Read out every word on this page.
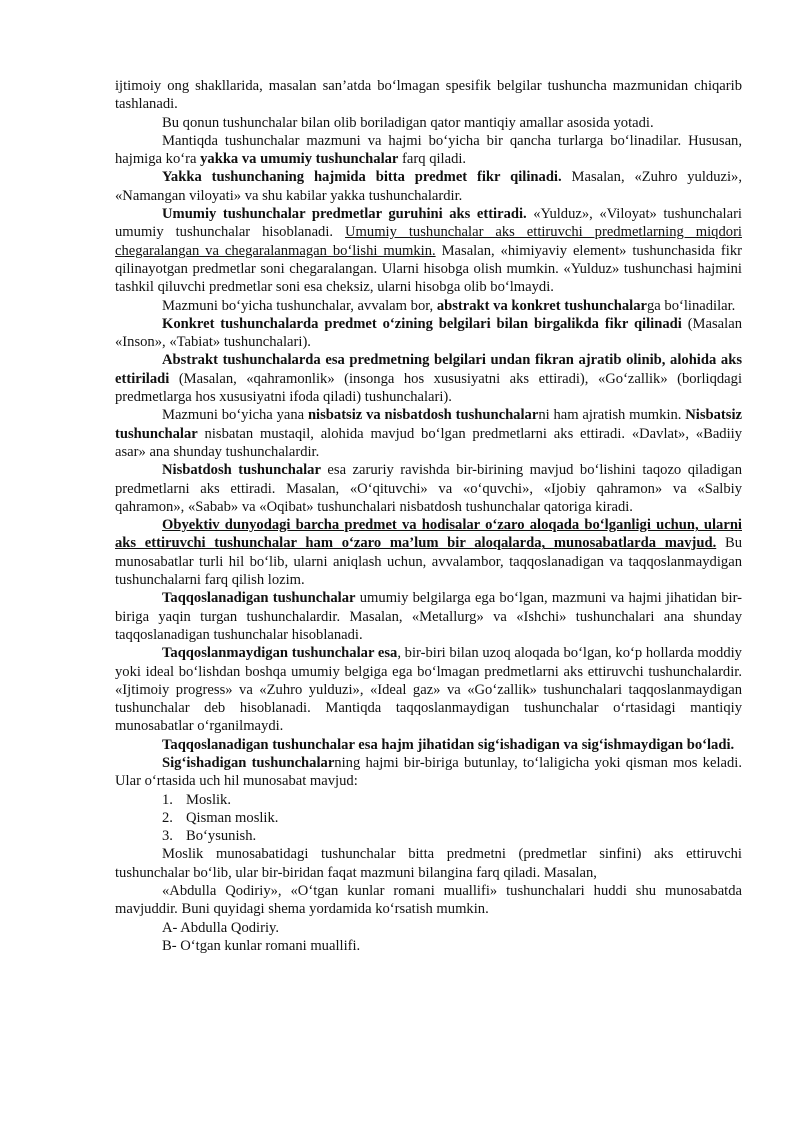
ijtimoiy ong shakllarida, masalan san’atda bo‘lmagan spesifik belgilar tushuncha mazmunidan chiqarib tashlanadi.

Bu qonun tushunchalar bilan olib boriladigan qator mantiqiy amallar asosida yotadi.

Mantiqda tushunchalar mazmuni va hajmi bo‘yicha bir qancha turlarga bo‘linadilar. Hususan, hajmiga ko‘ra yakka va umumiy tushunchalar farq qiladi.

Yakka tushunchaning hajmida bitta predmet fikr qilinadi. Masalan, «Zuhro yulduzi», «Namangan viloyati» va shu kabilar yakka tushunchalardir.

Umumiy tushunchalar predmetlar guruhini aks ettiradi. «Yulduz», «Viloyat» tushunchalari umumiy tushunchalar hisoblanadi. Umumiy tushunchalar aks ettiruvchi predmetlarning miqdori chegaralangan va chegaralanmagan bo‘lishi mumkin. Masalan, «himiyaviy element» tushunchasida fikr qilinayotgan predmetlar soni chegaralangan. Ularni hisobga olish mumkin. «Yulduz» tushunchasi hajmini tashkil qiluvchi predmetlar soni esa cheksiz, ularni hisobga olib bo‘lmaydi.

Mazmuni bo‘yicha tushunchalar, avvalam bor, abstrakt va konkret tushunchalarga bo‘linadilar.

Konkret tushunchalarda predmet o‘zining belgilari bilan birgalikda fikr qilinadi (Masalan «Inson», «Tabiat» tushunchalari).

Abstrakt tushunchalarda esa predmetning belgilari undan fikran ajratib olinib, alohida aks ettiriladi (Masalan, «qahramonlik» (insonga hos xususiyatni aks ettiradi), «Go‘zallik» (borliqdagi predmetlarga hos xususiyatni ifoda qiladi) tushunchalari).

Mazmuni bo‘yicha yana nisbatsiz va nisbatdosh tushunchalarni ham ajratish mumkin. Nisbatsiz tushunchalar nisbatan mustaqil, alohida mavjud bo‘lgan predmetlarni aks ettiradi. «Davlat», «Badiiy asar» ana shunday tushunchalardir.

Nisbatdosh tushunchalar esa zaruriy ravishda bir-birining mavjud bo‘lishini taqozo qiladigan predmetlarni aks ettiradi. Masalan, «O‘qituvchi» va «o‘quvchi», «Ijobiy qahramon» va «Salbiy qahramon», «Sabab» va «Oqibat» tushunchalari nisbatdosh tushunchalar qatoriga kiradi.

Obyektiv dunyodagi barcha predmet va hodisalar o‘zaro aloqada bo‘lganligi uchun, ularni aks ettiruvchi tushunchalar ham o‘zaro ma’lum bir aloqalarda, munosabatlarda mavjud. Bu munosabatlar turli hil bo‘lib, ularni aniqlash uchun, avvalambor, taqqoslanadigan va taqqoslanmaydigan tushunchalarni farq qilish lozim.

Taqqoslanadigan tushunchalar umumiy belgilarga ega bo‘lgan, mazmuni va hajmi jihatidan bir-biriga yaqin turgan tushunchalardir. Masalan, «Metallurg» va «Ishchi» tushunchalari ana shunday taqqoslanadigan tushunchalar hisoblanadi.

Taqqoslanmaydigan tushunchalar esa, bir-biri bilan uzoq aloqada bo‘lgan, ko‘p hollarda moddiy yoki ideal bo‘lishdan boshqa umumiy belgiga ega bo‘lmagan predmetlarni aks ettiruvchi tushunchalardir. «Ijtimoiy progress» va «Zuhro yulduzi», «Ideal gaz» va «Go‘zallik» tushunchalari taqqoslanmaydigan tushunchalar deb hisoblanadi. Mantiqda taqqoslanmaydigan tushunchalar o‘rtasidagi mantiqiy munosabatlar o‘rganilmaydi.

Taqqoslanadigan tushunchalar esa hajm jihatidan sig‘ishadigan va sig‘ishmaydigan bo‘ladi.

Sig‘ishadigan tushunchalarning hajmi bir-biriga butunlay, to‘laligicha yoki qisman mos keladi. Ular o‘rtasida uch hil munosabat mavjud:

1. Moslik.

2. Qisman moslik.

3. Bo‘ysunish.

Moslik munosabatidagi tushunchalar bitta predmetni (predmetlar sinfini) aks ettiruvchi tushunchalar bo‘lib, ular bir-biridan faqat mazmuni bilangina farq qiladi. Masalan,

«Abdulla Qodiriy», «O‘tgan kunlar romani muallifi» tushunchalari huddi shu munosabatda mavjuddir. Buni quyidagi shema yordamida ko‘rsatish mumkin.

A- Abdulla Qodiriy.

B- O‘tgan kunlar romani muallifi.
